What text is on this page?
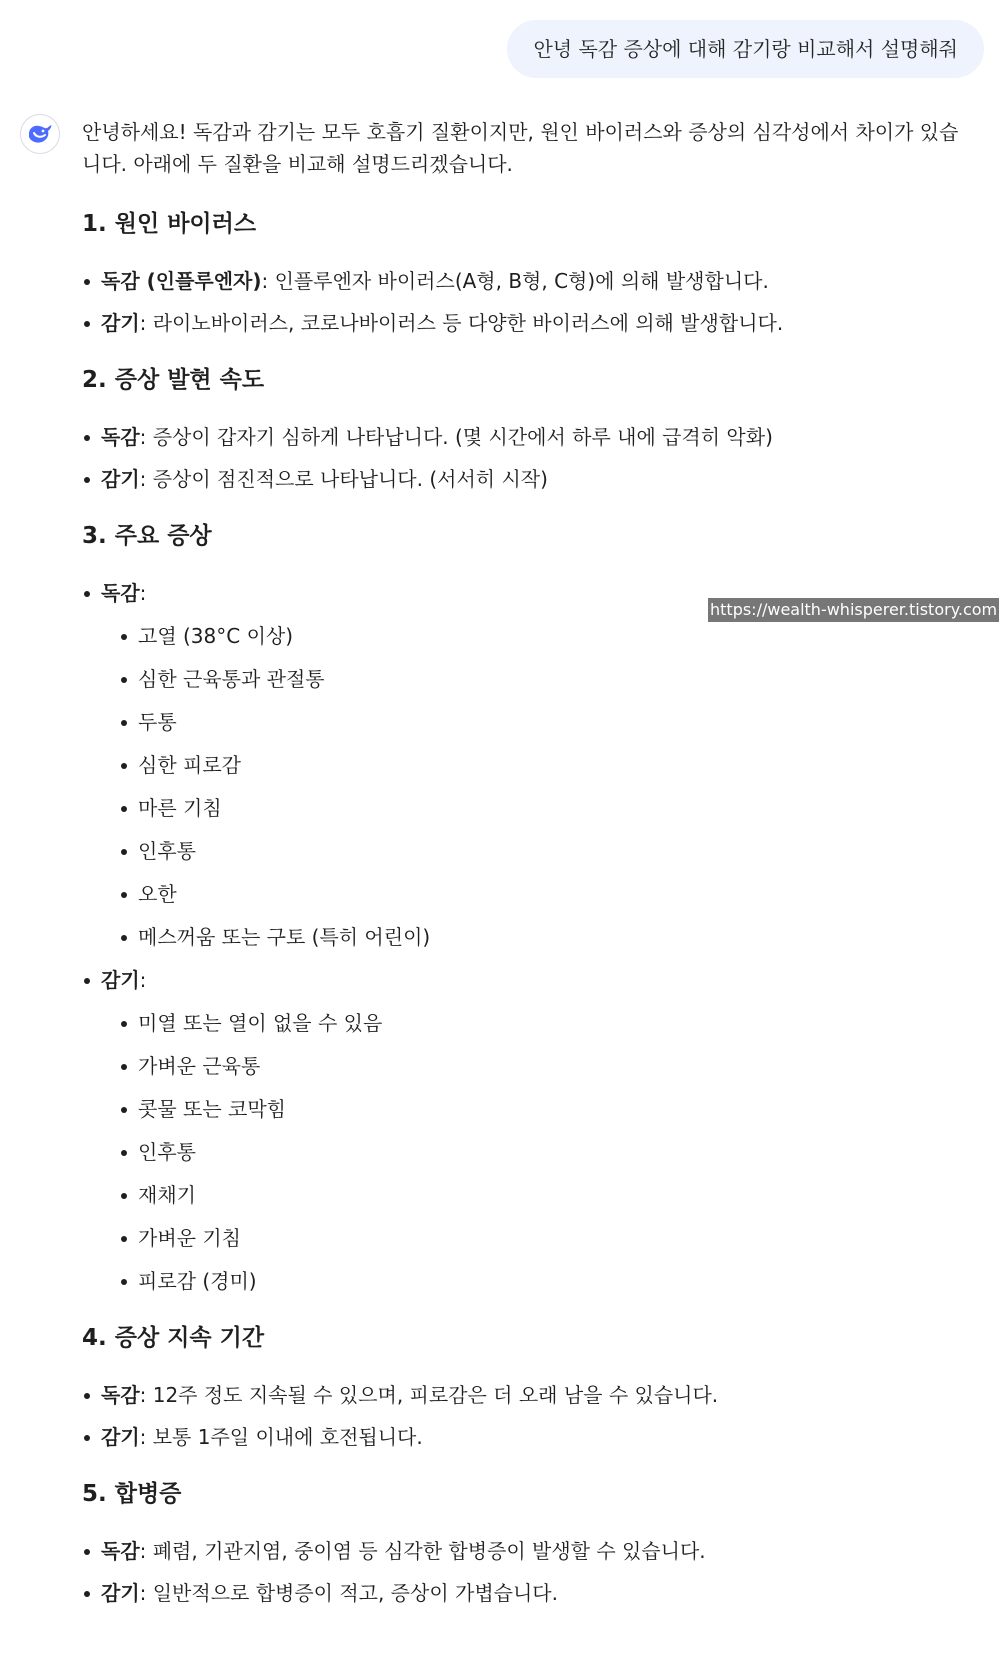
안녕 독감 증상에 대해 감기랑 비교해서 설명해줘

안녕하세요! 독감과 감기는 모두 호흡기 질환이지만, 원인 바이러스와 증상의 심각성에서 차이가 있습니다. 아래에 두 질환을 비교해 설명드리겠습니다.

1. 원인 바이러스
독감 (인플루엔자): 인플루엔자 바이러스(A형, B형, C형)에 의해 발생합니다.
감기: 라이노바이러스, 코로나바이러스 등 다양한 바이러스에 의해 발생합니다.
2. 증상 발현 속도
독감: 증상이 갑자기 심하게 나타납니다. (몇 시간에서 하루 내에 급격히 악화)
감기: 증상이 점진적으로 나타납니다. (서서히 시작)
3. 주요 증상
독감:
고열 (38°C 이상)
심한 근육통과 관절통
두통
심한 피로감
마른 기침
인후통
오한
메스꺼움 또는 구토 (특히 어린이)
감기:
미열 또는 열이 없을 수 있음
가벼운 근육통
콧물 또는 코막힘
인후통
재채기
가벼운 기침
피로감 (경미)
4. 증상 지속 기간
독감: 12주 정도 지속될 수 있으며, 피로감은 더 오래 남을 수 있습니다.
감기: 보통 1주일 이내에 호전됩니다.
5. 합병증
독감: 폐렴, 기관지염, 중이염 등 심각한 합병증이 발생할 수 있습니다.
감기: 일반적으로 합병증이 적고, 증상이 가볍습니다.
https://wealth-whisperer.tistory.com
